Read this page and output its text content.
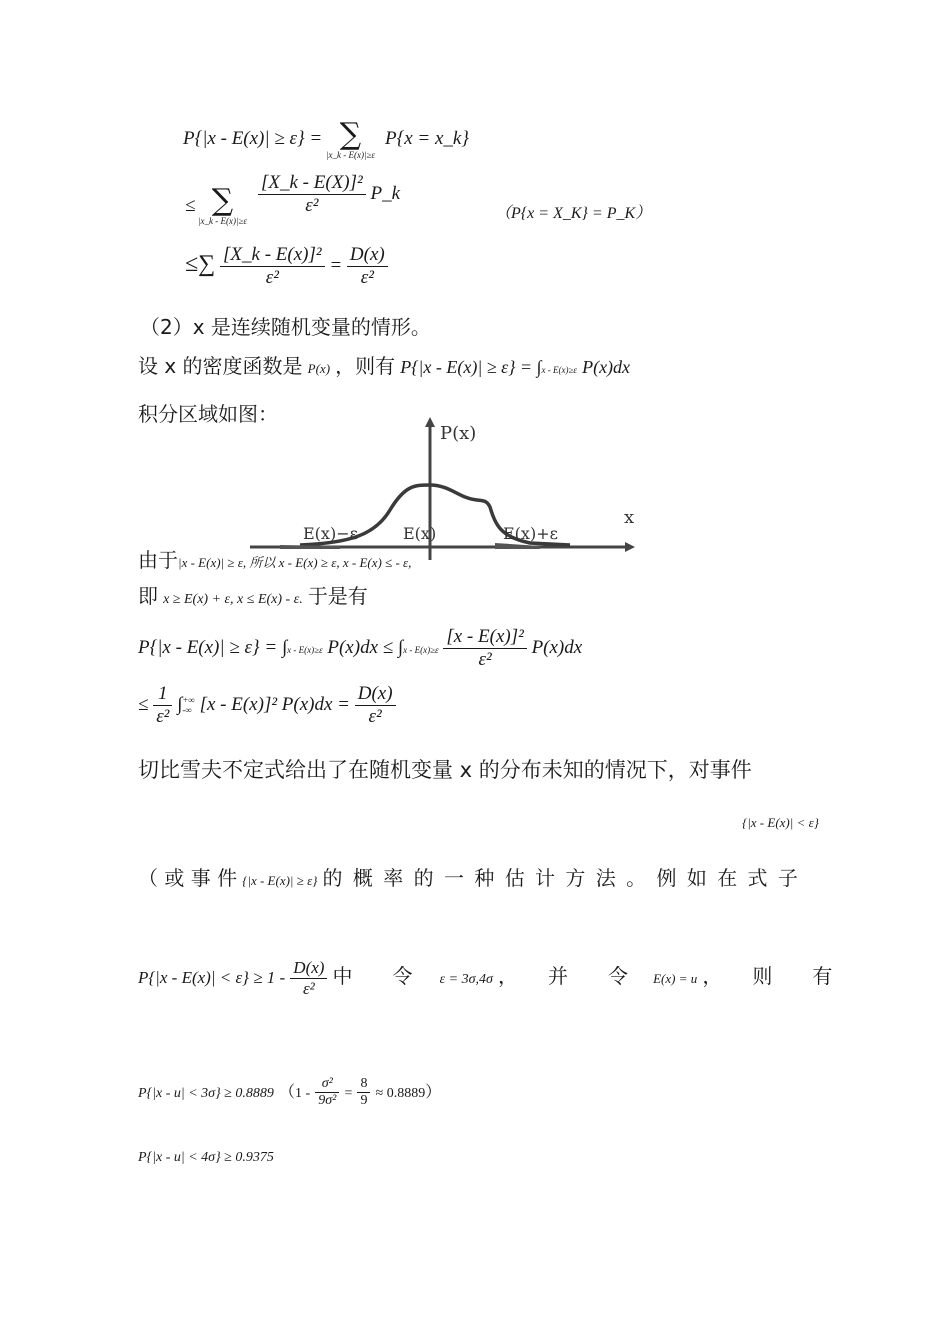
P{|x - E(x)| ≥ ε} = ∑
|x_k - E(x)|≥ε
P{x = x_k}
≤ ∑
|x_k - E(x)|≥ε
$\frac{\text{[X\_k - E(X)]²}}{\text{ε²}}$ P_k
（P{x = X_K} = P_K）
≤∑ $\frac{\text{[X\_k - E(x)]²}}{\text{ε²}} = \frac{D(x)}{\text{ε²}}$
（2）x 是连续随机变量的情形。
设 x 的密度函数是 P(x) ，则有 P{|x - E(x)| ≥ ε} = ∫x - E(x)≥ε P(x)dx
积分区域如图：
P(x)
x
E(x)−ε	E(x)	E(x)+ε
由于|x - E(x)| ≥ ε, 所以 x - E(x) ≥ ε, x - E(x) ≤ - ε,
即 x ≥ E(x) + ε, x ≤ E(x) - ε. 于是有
P{|x - E(x)| ≥ ε} = ∫x - E(x)≥ε $P(x)dx \le \int x - E(x)\ge\varepsilon \frac{\text{[x - E(x)]²}}{\text{ε²}} P(x)dx$
≤ $\frac{1}{\text{ε²}}$ ∫ +∞
-∞ [x - E(x)]² $P(x)dx = \frac{D(x)}{\text{ε²}}$
切比雪夫不定式给出了在随机变量 x 的分布未知的情况下，对事件
{|x - E(x)| < ε}
（ 或 事 件 {|x - E(x)| ≥ ε} 的 概 率 的 一 种 估 计 方 法 。 例 如 在 式 子
$P\{|x - E(x)| < \varepsilon\} \ge 1 - \frac{D(x)}{\text{ε²}}$ 中　　令 ε = 3σ,4σ ，　　并　　令 E(x) = u ，　　则　　有
P{|x - u| < 3σ} ≥ 0.8889 $(1 - \frac{\text{σ²}}{\text{9σ²}} = \frac{8}{9} \approx 0.8889)$
P{|x - u| < 4σ} ≥ 0.9375
